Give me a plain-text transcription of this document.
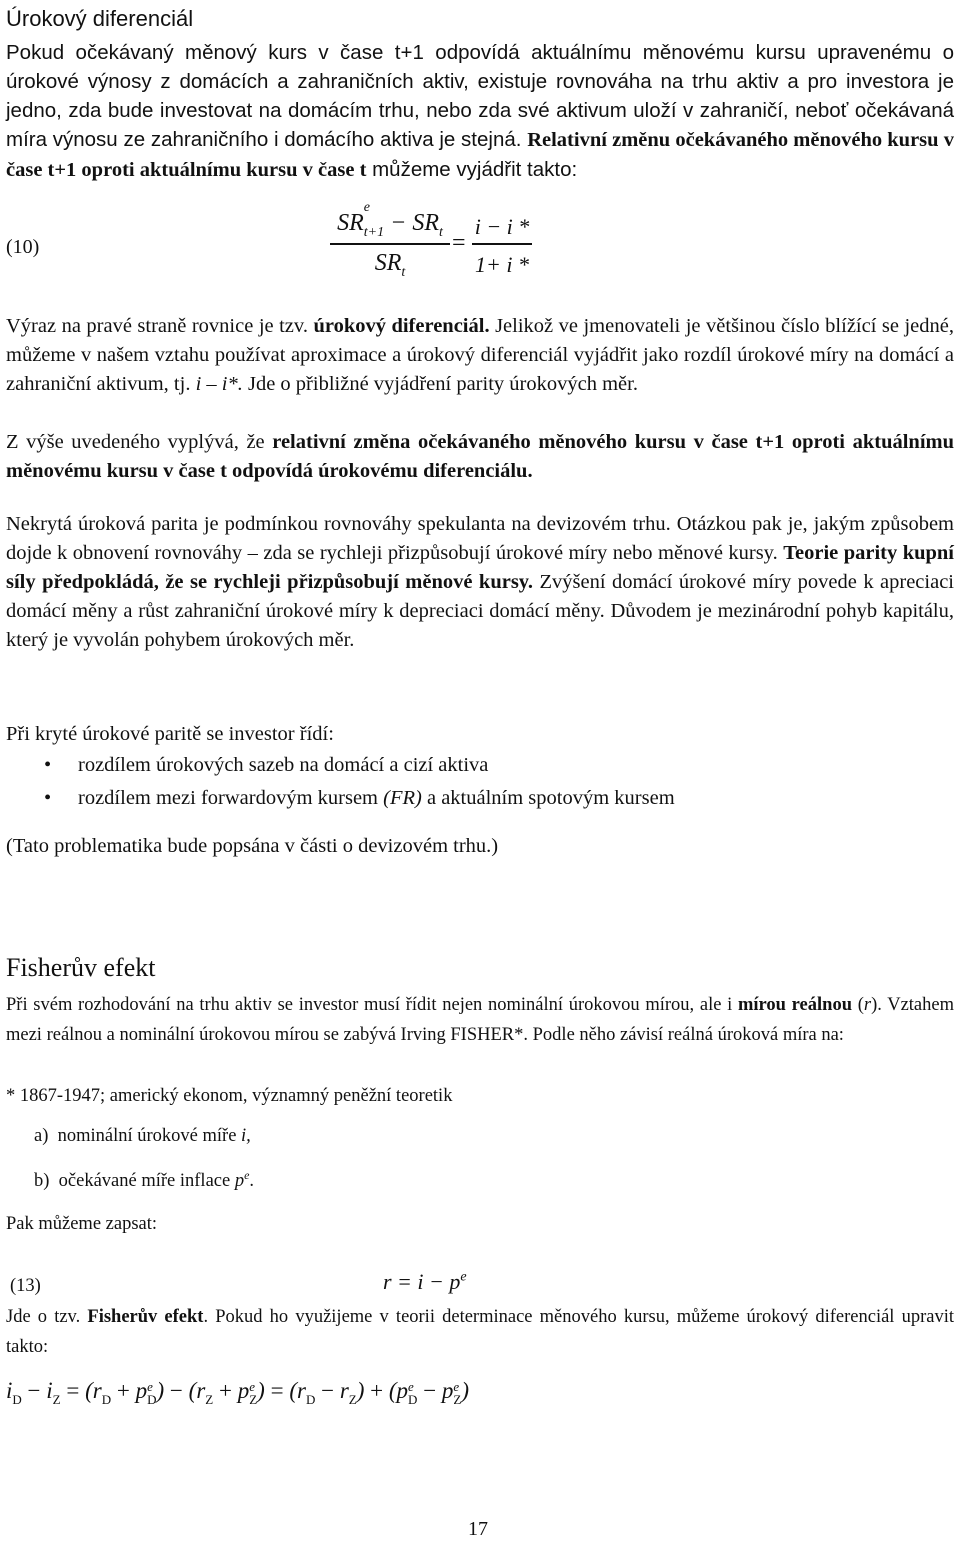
Úrokový diferenciál

Pokud očekávaný měnový kurs v čase t+1 odpovídá aktuálnímu měnovému kursu upravenému o úrokové výnosy z domácích a zahraničních aktiv, existuje rovnováha na trhu aktiv a pro investora je jedno, zda bude investovat na domácím trhu, nebo zda své aktivum uloží v zahraničí, neboť očekávaná míra výnosu ze zahraničního i domácího aktiva je stejná. Relativní změnu očekávaného měnového kursu v čase t+1 oproti aktuálnímu kursu v čase t můžeme vyjádřit takto:

(10)
SR
e
$_{t+1} - SR_t$
$SR_t$
=
i − i *
1+ i *

Výraz na pravé straně rovnice je tzv. úrokový diferenciál. Jelikož ve jmenovateli je většinou číslo blížící se jedné, můžeme v našem vztahu používat aproximace a úrokový diferenciál vyjádřit jako rozdíl úrokové míry na domácí a zahraniční aktivum, tj. i – i*. Jde o přibližné vyjádření parity úrokových měr.

Z výše uvedeného vyplývá, že relativní změna očekávaného měnového kursu v čase t+1 oproti aktuálnímu měnovému kursu v čase t odpovídá úrokovému diferenciálu.

Nekrytá úroková parita je podmínkou rovnováhy spekulanta na devizovém trhu. Otázkou pak je, jakým způsobem dojde k obnovení rovnováhy – zda se rychleji přizpůsobují úrokové míry nebo měnové kursy. Teorie parity kupní síly předpokládá, že se rychleji přizpůsobují měnové kursy. Zvýšení domácí úrokové míry povede k apreciaci domácí měny a růst zahraniční úrokové míry k depreciaci domácí měny. Důvodem je mezinárodní pohyb kapitálu, který je vyvolán pohybem úrokových měr.

Při kryté úrokové paritě se investor řídí:

• rozdílem úrokových sazeb na domácí a cizí aktiva
• rozdílem mezi forwardovým kursem (FR) a aktuálním spotovým kursem

(Tato problematika bude popsána v části o devizovém trhu.)

Fisherův efekt

Při svém rozhodování na trhu aktiv se investor musí řídit nejen nominální úrokovou mírou, ale i mírou reálnou (r). Vztahem mezi reálnou a nominální úrokovou mírou se zabývá Irving FISHER*. Podle něho závisí reálná úroková míra na:

* 1867-1947; americký ekonom, významný peněžní teoretik
a) nominální úrokové míře i,
b) očekávané míře inflace $p^e$.
Pak můžeme zapsat:
(13)	$r = i - p^e$

Jde o tzv. Fisherův efekt. Pokud ho využijeme v teorii determinace měnového kursu, můžeme úrokový diferenciál upravit takto:

i
D − i
Z = (r
D + p e
D ) − (r
Z + p e
Z ) = (r
D − r
Z ) + (p e
D − p e
Z )
17
